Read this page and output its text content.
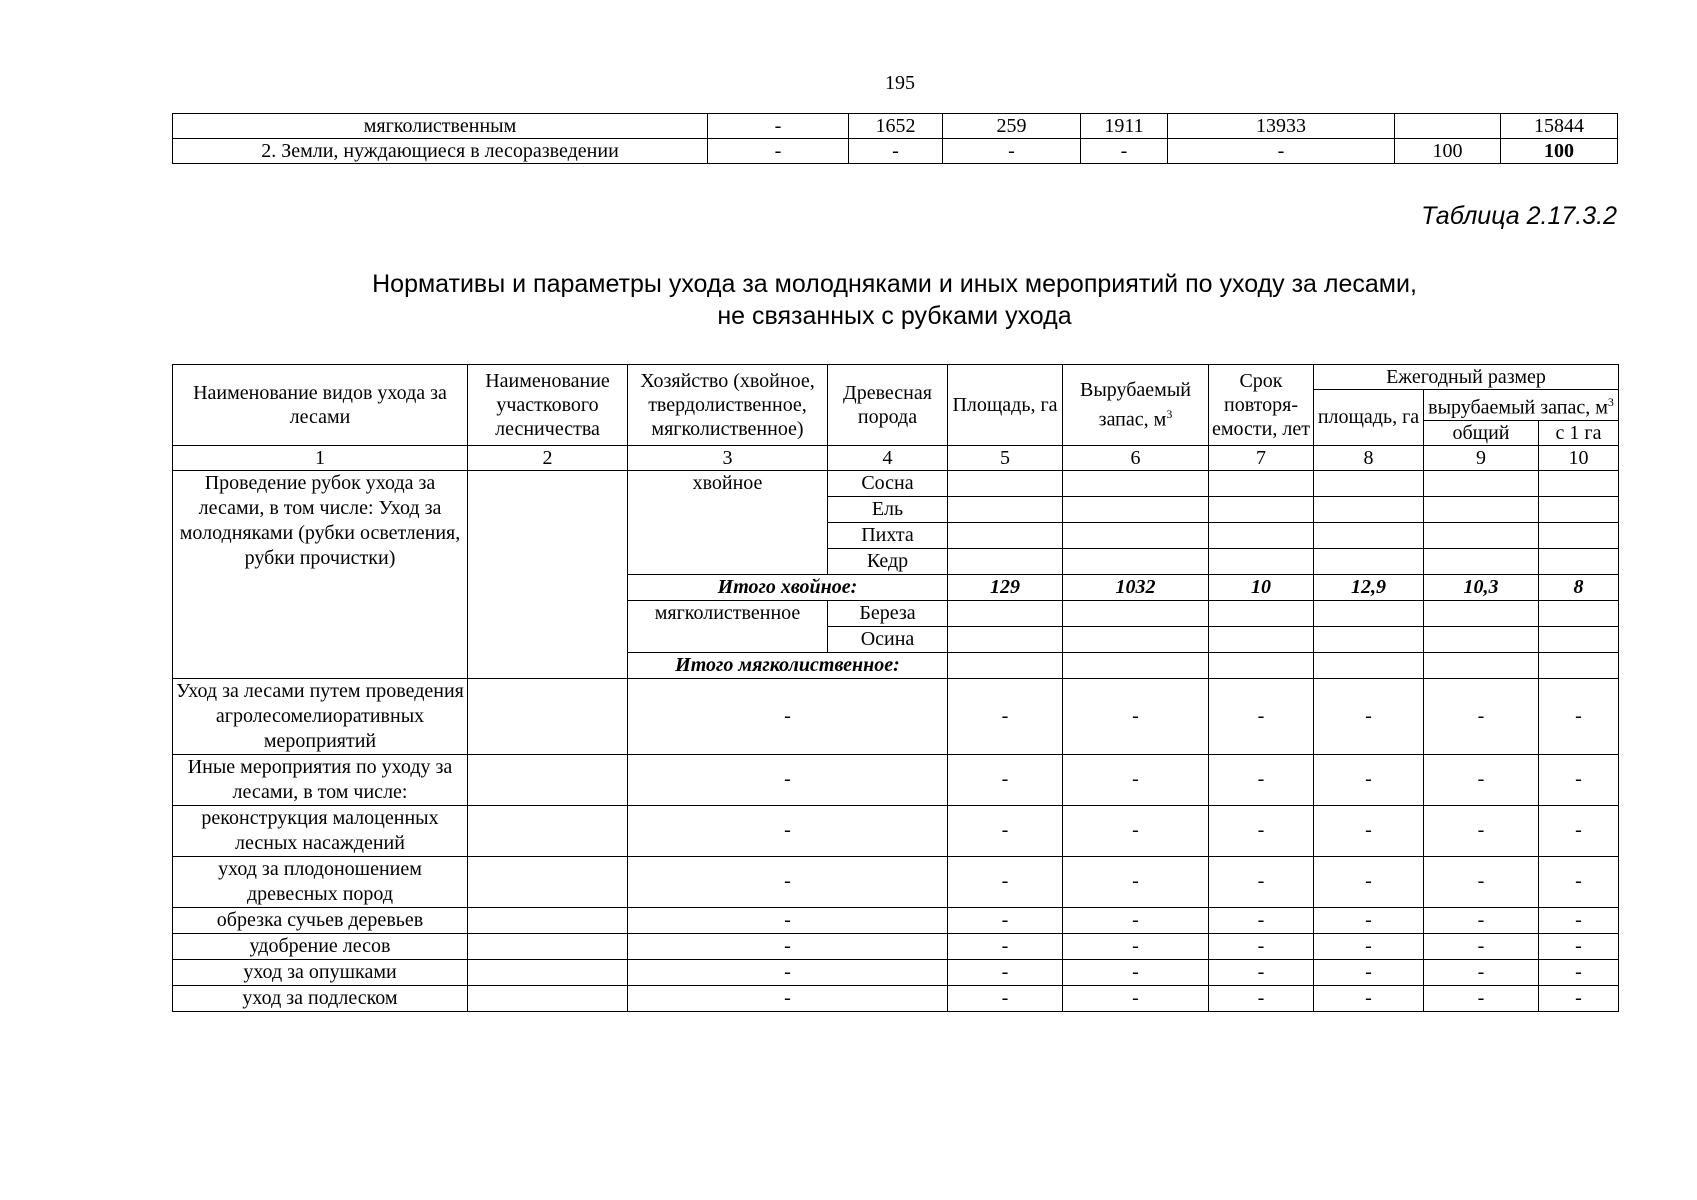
195
мягколиственным	-	1652	259	1911	13933		15844
2. Земли, нуждающиеся в лесоразведении	-	-	-	-	-	100	100
Таблица 2.17.3.2
Нормативы и параметры ухода за молодняками и иных мероприятий по уходу за лесами,
не связанных с рубками ухода
Наименование видов ухода за лесами	Наименование участкового лесничества	Хозяйство (хвойное, твердолиственное, мягколиственное)	Древесная порода	Площадь, га	Вырубаемый запас, $м^3$	Срок повторя-емости, лет	Ежегодный размер		
							площадь, га	вырубаемый запас, $м^3$
								общий	с 1 га
1	2	3	4	5	6	7	8	9	10
Проведение рубок ухода за лесами, в том числе: Уход за молодняками (рубки осветления, рубки прочистки)		хвойное	Сосна						
			Ель						
			Пихта						
			Кедр						
		Итого хвойное:		129	1032	10	12,9	10,3	8
		мягколиственное	Береза						
			Осина						
		Итого мягколиственное:							
Уход за лесами путем проведения агролесомелиоративных мероприятий		-		-	-	-	-	-	-
Иные мероприятия по уходу за лесами, в том числе:		-		-	-	-	-	-	-
реконструкция малоценных лесных насаждений		-		-	-	-	-	-	-
уход за плодоношением древесных пород		-		-	-	-	-	-	-
обрезка сучьев деревьев		-		-	-	-	-	-	-
удобрение лесов		-		-	-	-	-	-	-
уход за опушками		-		-	-	-	-	-	-
уход за подлеском		-		-	-	-	-	-	-
